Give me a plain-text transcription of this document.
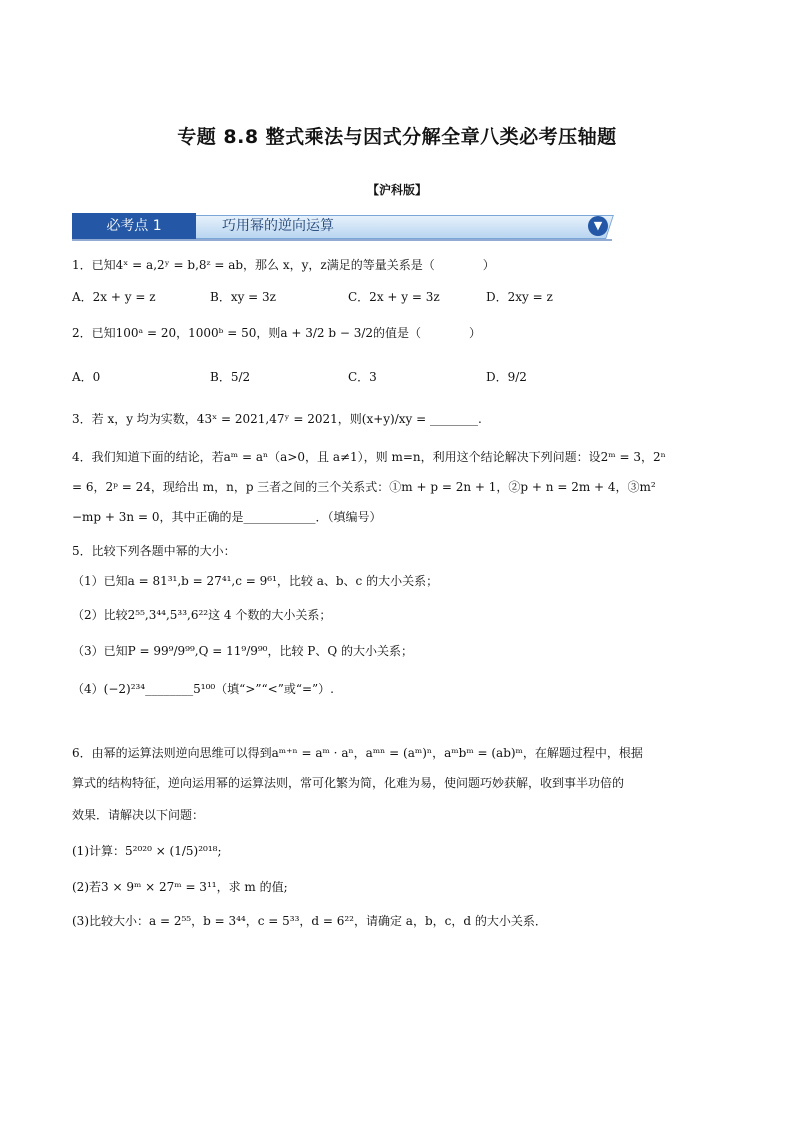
专题 8.8 整式乘法与因式分解全章八类必考压轴题
【沪科版】
必考点 1	巧用幂的逆向运算	▼
1．已知4ˣ = a,2ʸ = b,8ᶻ = ab，那么 x，y，z满足的等量关系是（　　　　）
A．2x + y = z	B．xy = 3z	C．2x + y = 3z	D．2xy = z
2．已知100ᵃ = 20，1000ᵇ = 50，则a + 3/2 b − 3/2的值是（　　　　）
A．0	B．5/2	C．3	D．9/2
3．若 x，y 均为实数，43ˣ = 2021,47ʸ = 2021，则(x+y)/xy = ________.
4．我们知道下面的结论，若aᵐ = aⁿ（a>0，且 a≠1），则 m=n，利用这个结论解决下列问题：设2ᵐ = 3，2ⁿ
= 6，2ᵖ = 24，现给出 m，n，p 三者之间的三个关系式：①m + p = 2n + 1，②p + n = 2m + 4，③m²
−mp + 3n = 0，其中正确的是____________．（填编号）
5．比较下列各题中幂的大小：
（1）已知a = 81³¹,b = 27⁴¹,c = 9⁶¹，比较 a、b、c 的大小关系；
（2）比较2⁵⁵,3⁴⁴,5³³,6²²这 4 个数的大小关系；
（3）已知P = 99⁹/9⁹⁹,Q = 11⁹/9⁹⁰，比较 P、Q 的大小关系；
（4）(−2)²³⁴________5¹⁰⁰（填“>”“<”或“=”）.
6．由幂的运算法则逆向思维可以得到aᵐ⁺ⁿ = aᵐ · aⁿ，aᵐⁿ = (aᵐ)ⁿ，aᵐbᵐ = (ab)ᵐ，在解题过程中，根据
算式的结构特征，逆向运用幂的运算法则，常可化繁为简，化难为易，使问题巧妙获解，收到事半功倍的
效果．请解决以下问题：
(1)计算：5²⁰²⁰ × (1/5)²⁰¹⁸;
(2)若3 × 9ᵐ × 27ᵐ = 3¹¹，求 m 的值;
(3)比较大小：a = 2⁵⁵，b = 3⁴⁴，c = 5³³，d = 6²²，请确定 a，b，c，d 的大小关系．
